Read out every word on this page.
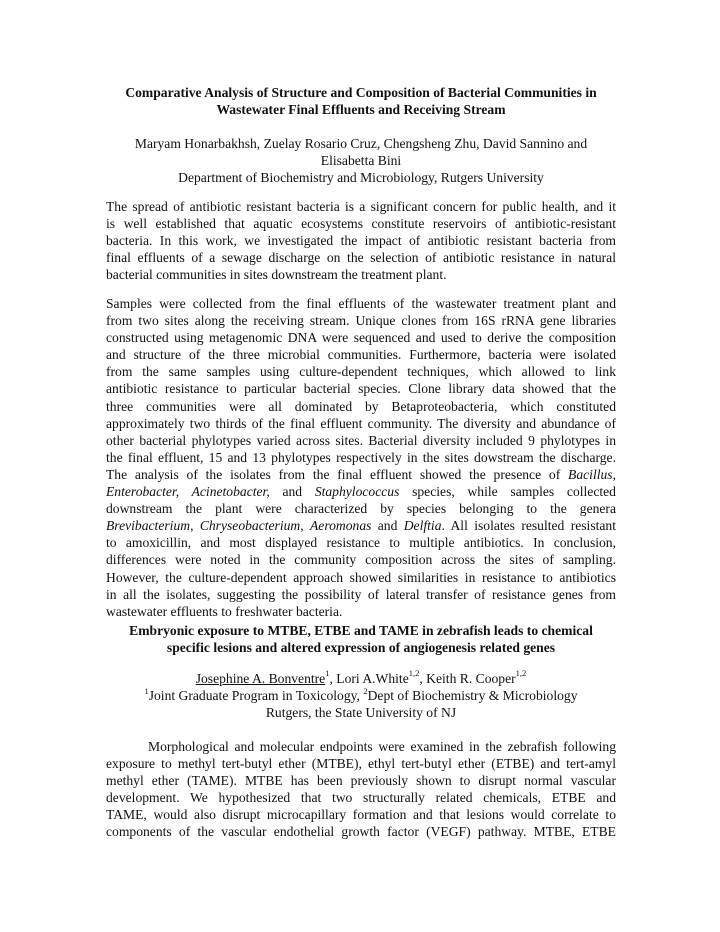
Comparative Analysis of Structure and Composition of Bacterial Communities in
Wastewater Final Effluents and Receiving Stream
Maryam Honarbakhsh, Zuelay Rosario Cruz, Chengsheng Zhu, David Sannino and
Elisabetta Bini
Department of Biochemistry and Microbiology, Rutgers University
The spread of antibiotic resistant bacteria is a significant concern for public health, and it
is well established that aquatic ecosystems constitute reservoirs of antibiotic-resistant
bacteria. In this work, we investigated the impact of antibiotic resistant bacteria from
final effluents of a sewage discharge on the selection of antibiotic resistance in natural
bacterial communities in sites downstream the treatment plant.
Samples were collected from the final effluents of the wastewater treatment plant and
from two sites along the receiving stream. Unique clones from 16S rRNA gene libraries
constructed using metagenomic DNA were sequenced and used to derive the composition
and structure of the three microbial communities. Furthermore, bacteria were isolated
from the same samples using culture-dependent techniques, which allowed to link
antibiotic resistance to particular bacterial species. Clone library data showed that the
three communities were all dominated by Betaproteobacteria, which constituted
approximately two thirds of the final effluent community. The diversity and abundance of
other bacterial phylotypes varied across sites. Bacterial diversity included 9 phylotypes in
the final effluent, 15 and 13 phylotypes respectively in the sites dowstream the discharge.
The analysis of the isolates from the final effluent showed the presence of Bacillus,
Enterobacter, Acinetobacter, and Staphylococcus species, while samples collected
downstream the plant were characterized by species belonging to the genera
Brevibacterium, Chryseobacterium, Aeromonas and Delftia. All isolates resulted resistant
to amoxicillin, and most displayed resistance to multiple antibiotics. In conclusion,
differences were noted in the community composition across the sites of sampling.
However, the culture-dependent approach showed similarities in resistance to antibiotics
in all the isolates, suggesting the possibility of lateral transfer of resistance genes from
wastewater effluents to freshwater bacteria.
Embryonic exposure to MTBE, ETBE and TAME in zebrafish leads to chemical
specific lesions and altered expression of angiogenesis related genes
Josephine A. Bonventre$^1$, Lori A.White$^{1,2}$, Keith R. Cooper$^{1,2}$
$^1$Joint Graduate Program in Toxicology, $^2$Dept of Biochemistry & Microbiology
Rutgers, the State University of NJ
Morphological and molecular endpoints were examined in the zebrafish following
exposure to methyl tert-butyl ether (MTBE), ethyl tert-butyl ether (ETBE) and tert-amyl
methyl ether (TAME). MTBE has been previously shown to disrupt normal vascular
development. We hypothesized that two structurally related chemicals, ETBE and
TAME, would also disrupt microcapillary formation and that lesions would correlate to
components of the vascular endothelial growth factor (VEGF) pathway. MTBE, ETBE
